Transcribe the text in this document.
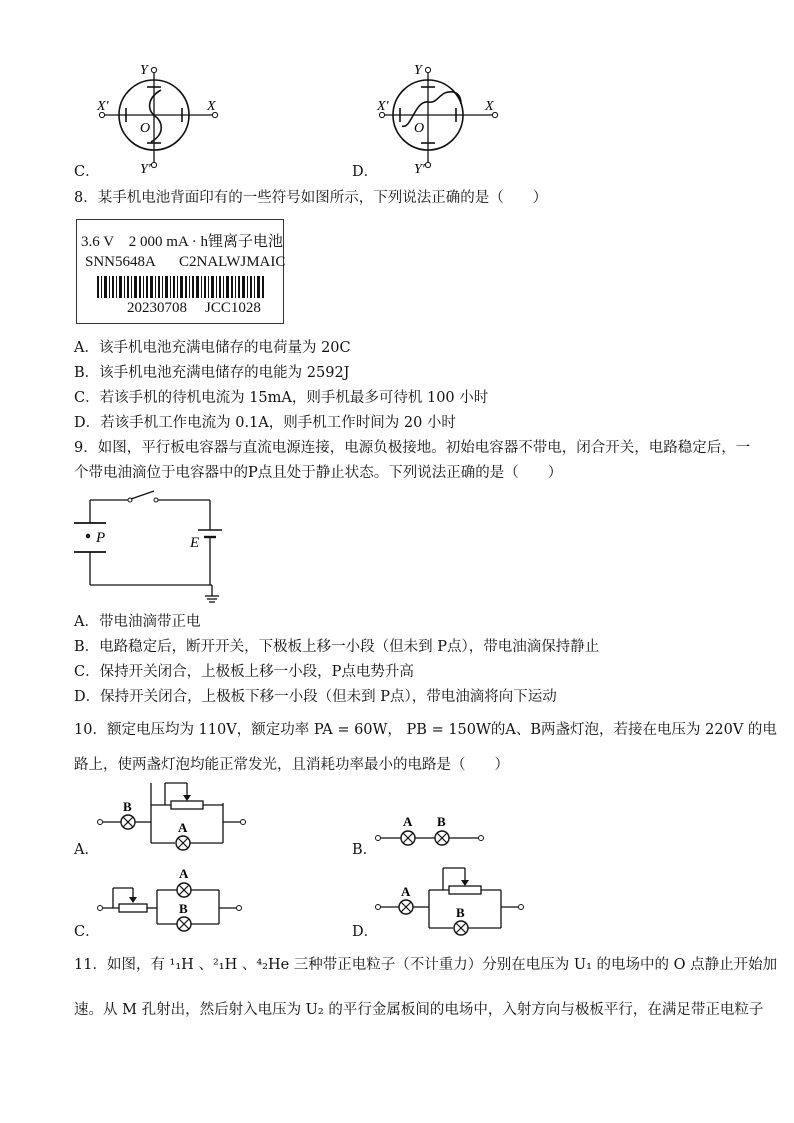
Y
X′	X
O
Y′
Y
X′	X
O
Y′
C．	D．
8．某手机电池背面印有的一些符号如图所示，下列说法正确的是（　　）
3.6 V　2 000 mA · h锂离子电池
SNN5648A C2NALWJMAIC
20230708 JCC1028
A．该手机电池充满电储存的电荷量为 20C
B．该手机电池充满电储存的电能为 2592J
C．若该手机的待机电流为 15mA，则手机最多可待机 100 小时
D．若该手机工作电流为 0.1A，则手机工作时间为 20 小时
9．如图，平行板电容器与直流电源连接，电源负极接地。初始电容器不带电，闭合开关，电路稳定后，一
个带电油滴位于电容器中的P点且处于静止状态。下列说法正确的是（　　）
P	E
A．带电油滴带正电
B．电路稳定后，断开开关，下极板上移一小段（但未到 P点），带电油滴保持静止
C．保持开关闭合，上极板上移一小段，P点电势升高
D．保持开关闭合，上极板下移一小段（但未到 P点），带电油滴将向下运动
10．额定电压均为 110V，额定功率 PA = 60W， PB = 150W的A、B两盏灯泡，若接在电压为 220V 的电
路上，使两盏灯泡均能正常发光，且消耗功率最小的电路是（　　）
B
A
A．
A B
B．
A
B
C．
A
B
D．
11．如图，有 ¹₁H 、²₁H 、⁴₂He 三种带正电粒子（不计重力）分别在电压为 U₁ 的电场中的 O 点静止开始加
速。从 M 孔射出，然后射入电压为 U₂ 的平行金属板间的电场中，入射方向与极板平行，在满足带正电粒子
